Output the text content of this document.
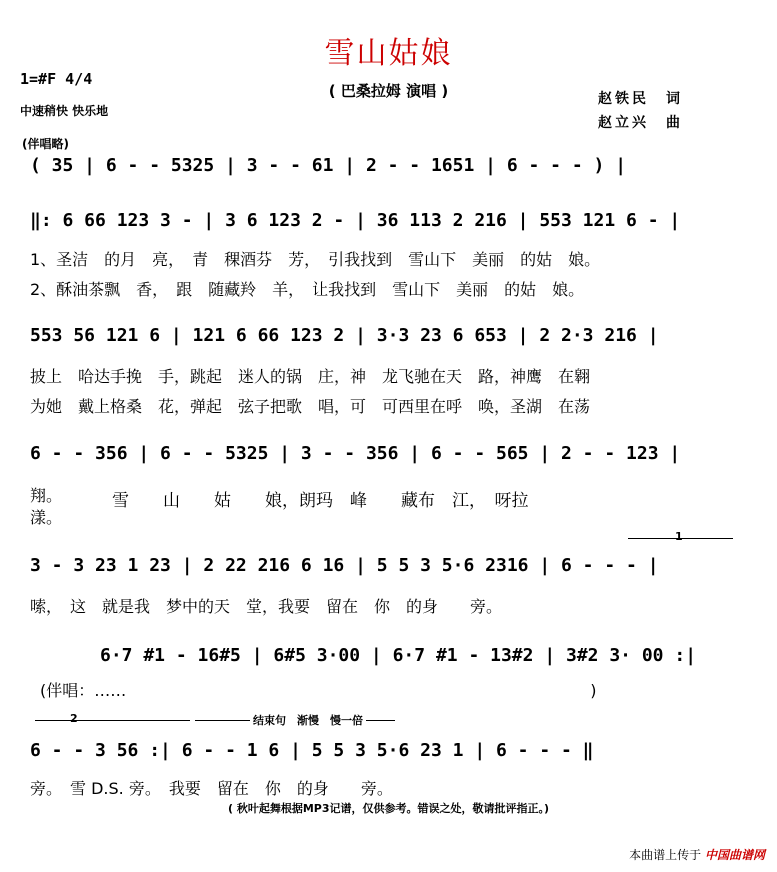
雪山姑娘
( 巴桑拉姆 演唱 )
1=#F 4/4
中速稍快 快乐地
赵铁民　词
赵立兴　曲
(伴唱略)
( 35 | 6 - - 5325 | 3 - - 61 | 2 - - 1651 | 6 - - - ) |
‖: 6 66 123 3 - | 3 6 123 2 - | 36 113 2 216 | 553 121 6 - |
1、圣洁　的月　亮，　青　稞酒芬　芳，　引我找到　雪山下　美丽　的姑　娘。
2、酥油茶飘　香，　跟　随藏羚　羊，　让我找到　雪山下　美丽　的姑　娘。
553 56 121 6 | 121 6 66 123 2 | 3·3 23 6 653 | 2 2·3 216 |
披上　哈达手挽　手，跳起　迷人的锅　庄，神　龙飞驰在天　路，神鹰　在翱
为她　戴上格桑　花，弹起　弦子把歌　唱，可　可西里在呼　唤，圣湖　在荡
6 - - 356 | 6 - - 5325 | 3 - - 356 | 6 - - 565 | 2 - - 123 |
翔。
漾。
雪　　山　　姑　　娘，朗玛　峰　　藏布　江，　呀拉
3 - 3 23 1 23 | 2 22 216 6 16 | 5 5 3 5·6 2316 | 6 - - - |
嗦，　这　就是我　梦中的天　堂，我要　留在　你　的身　　旁。
1
6·7 #1 - 16#5 | 6#5 3·00 | 6·7 #1 - 13#2 | 3#2 3· 00 :|
(伴唱：……　　　　　　　　　　　　　　　　　　　　　　　　　　　　　)
2	结束句　渐慢　慢一倍
6 - - 3 56 :| 6 - - 1 6 | 5 5 3 5·6 23 1 | 6 - - - ‖
旁。　雪 D.S. 旁。　我要　留在　你　的身　　旁。
( 秋叶起舞根据MP3记谱，仅供参考。错误之处，敬请批评指正。)
本曲谱上传于 中国曲谱网
